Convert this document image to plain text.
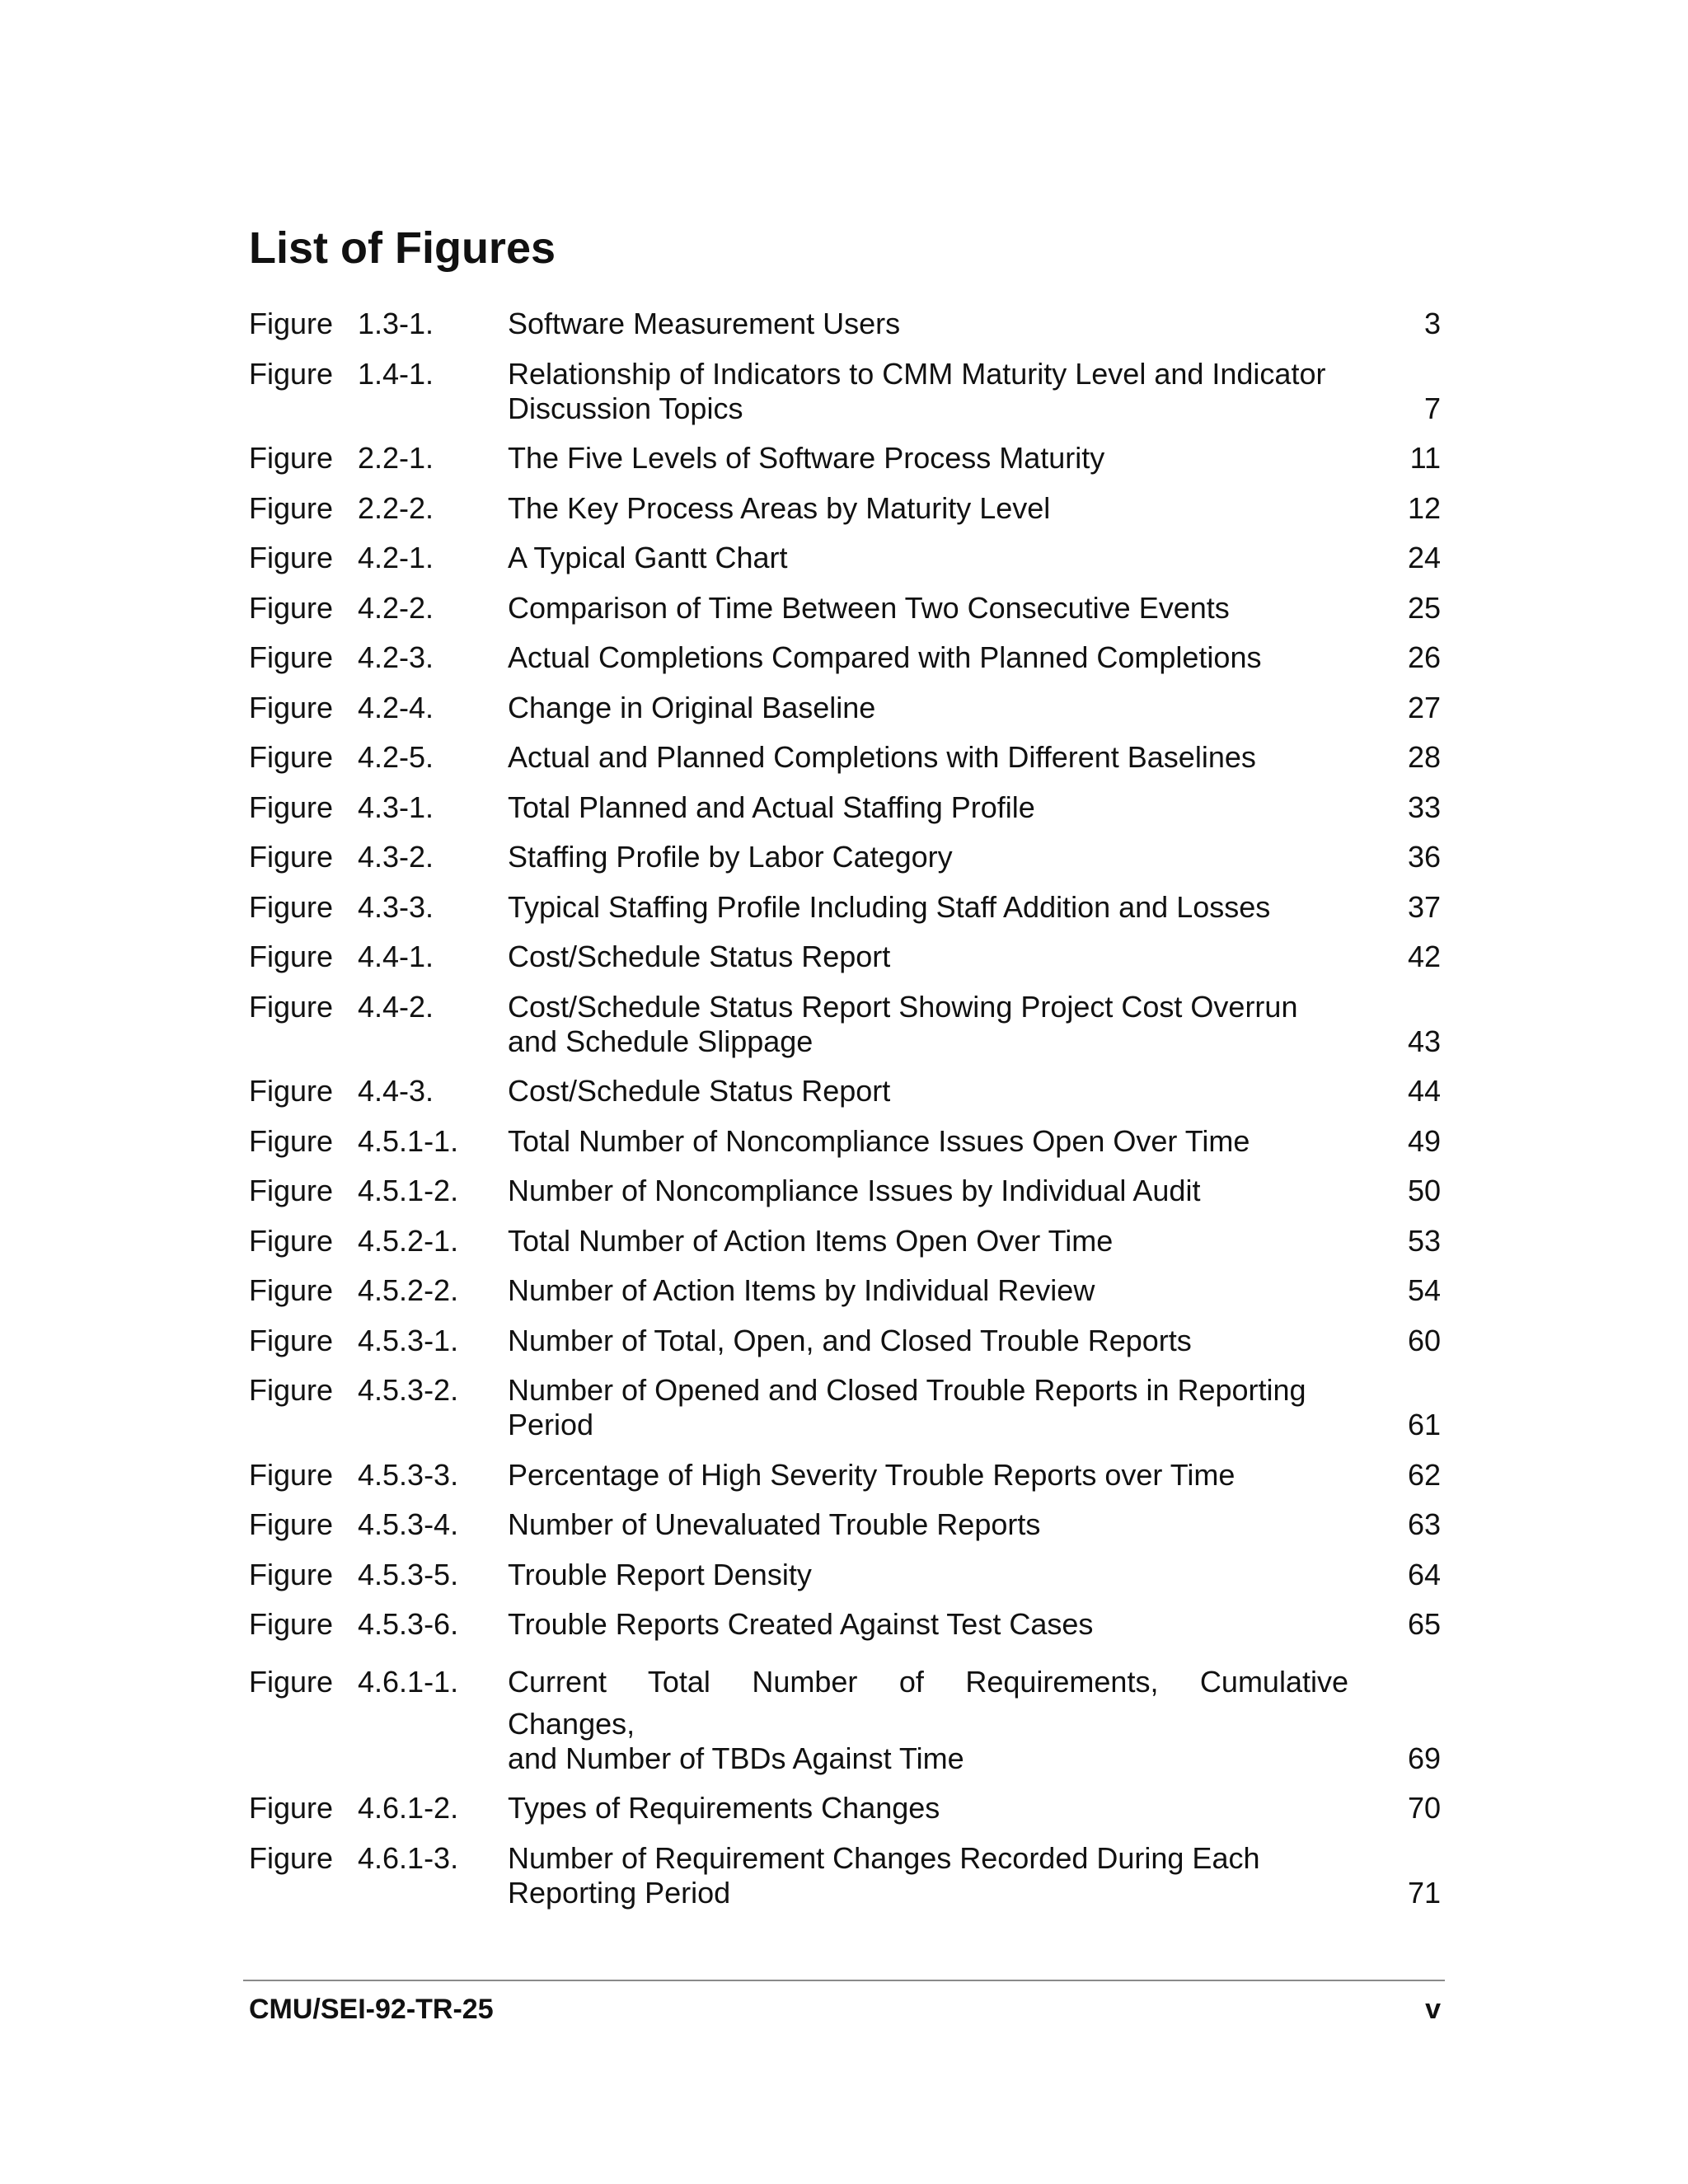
List of Figures
Figure 1.3-1.	Software Measurement Users	3
Figure 1.4-1.	Relationship of Indicators to CMM Maturity Level and Indicator Discussion Topics	7
Figure 2.2-1.	The Five Levels of Software Process Maturity	11
Figure 2.2-2.	The Key Process Areas by Maturity Level	12
Figure 4.2-1.	A Typical Gantt Chart	24
Figure 4.2-2.	Comparison of Time Between Two Consecutive Events	25
Figure 4.2-3.	Actual Completions Compared with Planned Completions	26
Figure 4.2-4.	Change in Original Baseline	27
Figure 4.2-5.	Actual and Planned Completions with Different Baselines	28
Figure 4.3-1.	Total Planned and Actual Staffing Profile	33
Figure 4.3-2.	Staffing Profile by Labor Category	36
Figure 4.3-3.	Typical Staffing Profile Including Staff Addition and Losses	37
Figure 4.4-1.	Cost/Schedule Status Report	42
Figure 4.4-2.	Cost/Schedule Status Report Showing Project Cost Overrun and Schedule Slippage	43
Figure 4.4-3.	Cost/Schedule Status Report	44
Figure 4.5.1-1.	Total Number of Noncompliance Issues Open Over Time	49
Figure 4.5.1-2.	Number of Noncompliance Issues by Individual Audit	50
Figure 4.5.2-1.	Total Number of Action Items Open Over Time	53
Figure 4.5.2-2.	Number of Action Items by Individual Review	54
Figure 4.5.3-1.	Number of Total, Open, and Closed Trouble Reports	60
Figure 4.5.3-2.	Number of Opened and Closed Trouble Reports in Reporting Period	61
Figure 4.5.3-3.	Percentage of High Severity Trouble Reports over Time	62
Figure 4.5.3-4.	Number of Unevaluated Trouble Reports	63
Figure 4.5.3-5.	Trouble Report Density	64
Figure 4.5.3-6.	Trouble Reports Created Against Test Cases	65
Figure 4.6.1-1.	Current Total Number of Requirements, Cumulative
Changes,
and Number of TBDs Against Time	69
Figure 4.6.1-2.	Types of Requirements Changes	70
Figure 4.6.1-3.	Number of Requirement Changes Recorded During Each Reporting Period	71
CMU/SEI-92-TR-25	v
